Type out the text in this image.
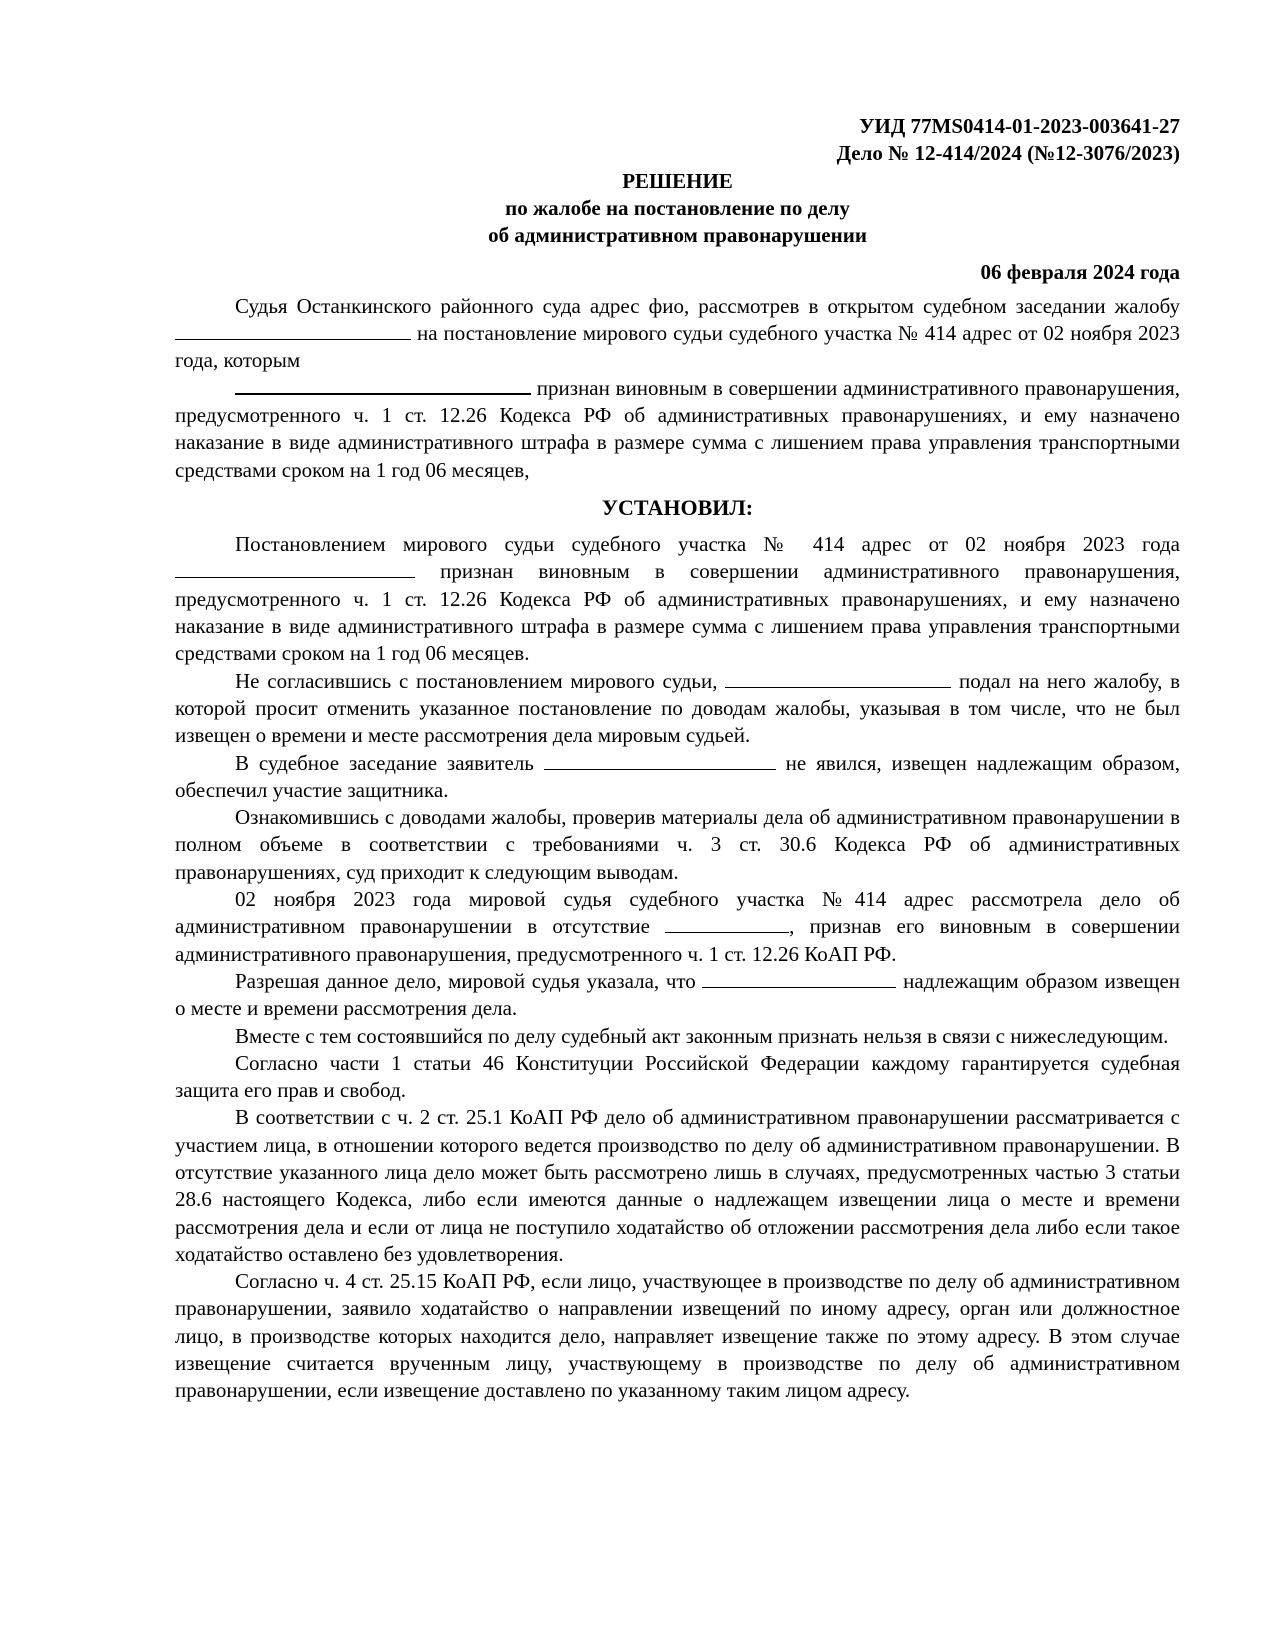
УИД 77MS0414-01-2023-003641-27
Дело № 12-414/2024 (№12-3076/2023)
РЕШЕНИЕ
по жалобе на постановление по делу
об административном правонарушении
06 февраля 2024 года

Судья Останкинского районного суда адрес фио, рассмотрев в открытом судебном заседании жалобу  на постановление мирового судьи судебного участка № 414 адрес от 02 ноября 2023 года, которым

признан виновным в совершении административного правонарушения, предусмотренного ч. 1 ст. 12.26 Кодекса РФ об административных правонарушениях, и ему назначено наказание в виде административного штрафа в размере сумма с лишением права управления транспортными средствами сроком на 1 год 06 месяцев,

УСТАНОВИЛ:

Постановлением мирового судьи судебного участка № 414 адрес от 02 ноября 2023 года  признан виновным в совершении административного правонарушения, предусмотренного ч. 1 ст. 12.26 Кодекса РФ об административных правонарушениях, и ему назначено наказание в виде административного штрафа в размере сумма с лишением права управления транспортными средствами сроком на 1 год 06 месяцев.

Не согласившись с постановлением мирового судьи,	подал на него жалобу, в которой просит отменить указанное постановление по доводам жалобы, указывая в том числе, что не был извещен о времени и месте рассмотрения дела мировым судьей.

В судебное заседание заявитель	не явился, извещен надлежащим образом, обеспечил участие защитника.

Ознакомившись с доводами жалобы, проверив материалы дела об административном правонарушении в полном объеме в соответствии с требованиями ч. 3 ст. 30.6 Кодекса РФ об административных правонарушениях, суд приходит к следующим выводам.

02 ноября 2023 года мировой судья судебного участка №414 адрес рассмотрела дело об административном правонарушении в отсутствие	, признав его виновным в совершении административного правонарушения, предусмотренного ч. 1 ст. 12.26 КоАП РФ.

Разрешая данное дело, мировой судья указала, что	надлежащим образом извещен о месте и времени рассмотрения дела.

Вместе с тем состоявшийся по делу судебный акт законным признать нельзя в связи с нижеследующим.

Согласно части 1 статьи 46 Конституции Российской Федерации каждому гарантируется судебная защита его прав и свобод.

В соответствии с ч. 2 ст. 25.1 КоАП РФ дело об административном правонарушении рассматривается с участием лица, в отношении которого ведется производство по делу об административном правонарушении. В отсутствие указанного лица дело может быть рассмотрено лишь в случаях, предусмотренных частью 3 статьи 28.6 настоящего Кодекса, либо если имеются данные о надлежащем извещении лица о месте и времени рассмотрения дела и если от лица не поступило ходатайство об отложении рассмотрения дела либо если такое ходатайство оставлено без удовлетворения.

Согласно ч. 4 ст. 25.15 КоАП РФ, если лицо, участвующее в производстве по делу об административном правонарушении, заявило ходатайство о направлении извещений по иному адресу, орган или должностное лицо, в производстве которых находится дело, направляет извещение также по этому адресу. В этом случае извещение считается врученным лицу, участвующему в производстве по делу об административном правонарушении, если извещение доставлено по указанному таким лицом адресу.
